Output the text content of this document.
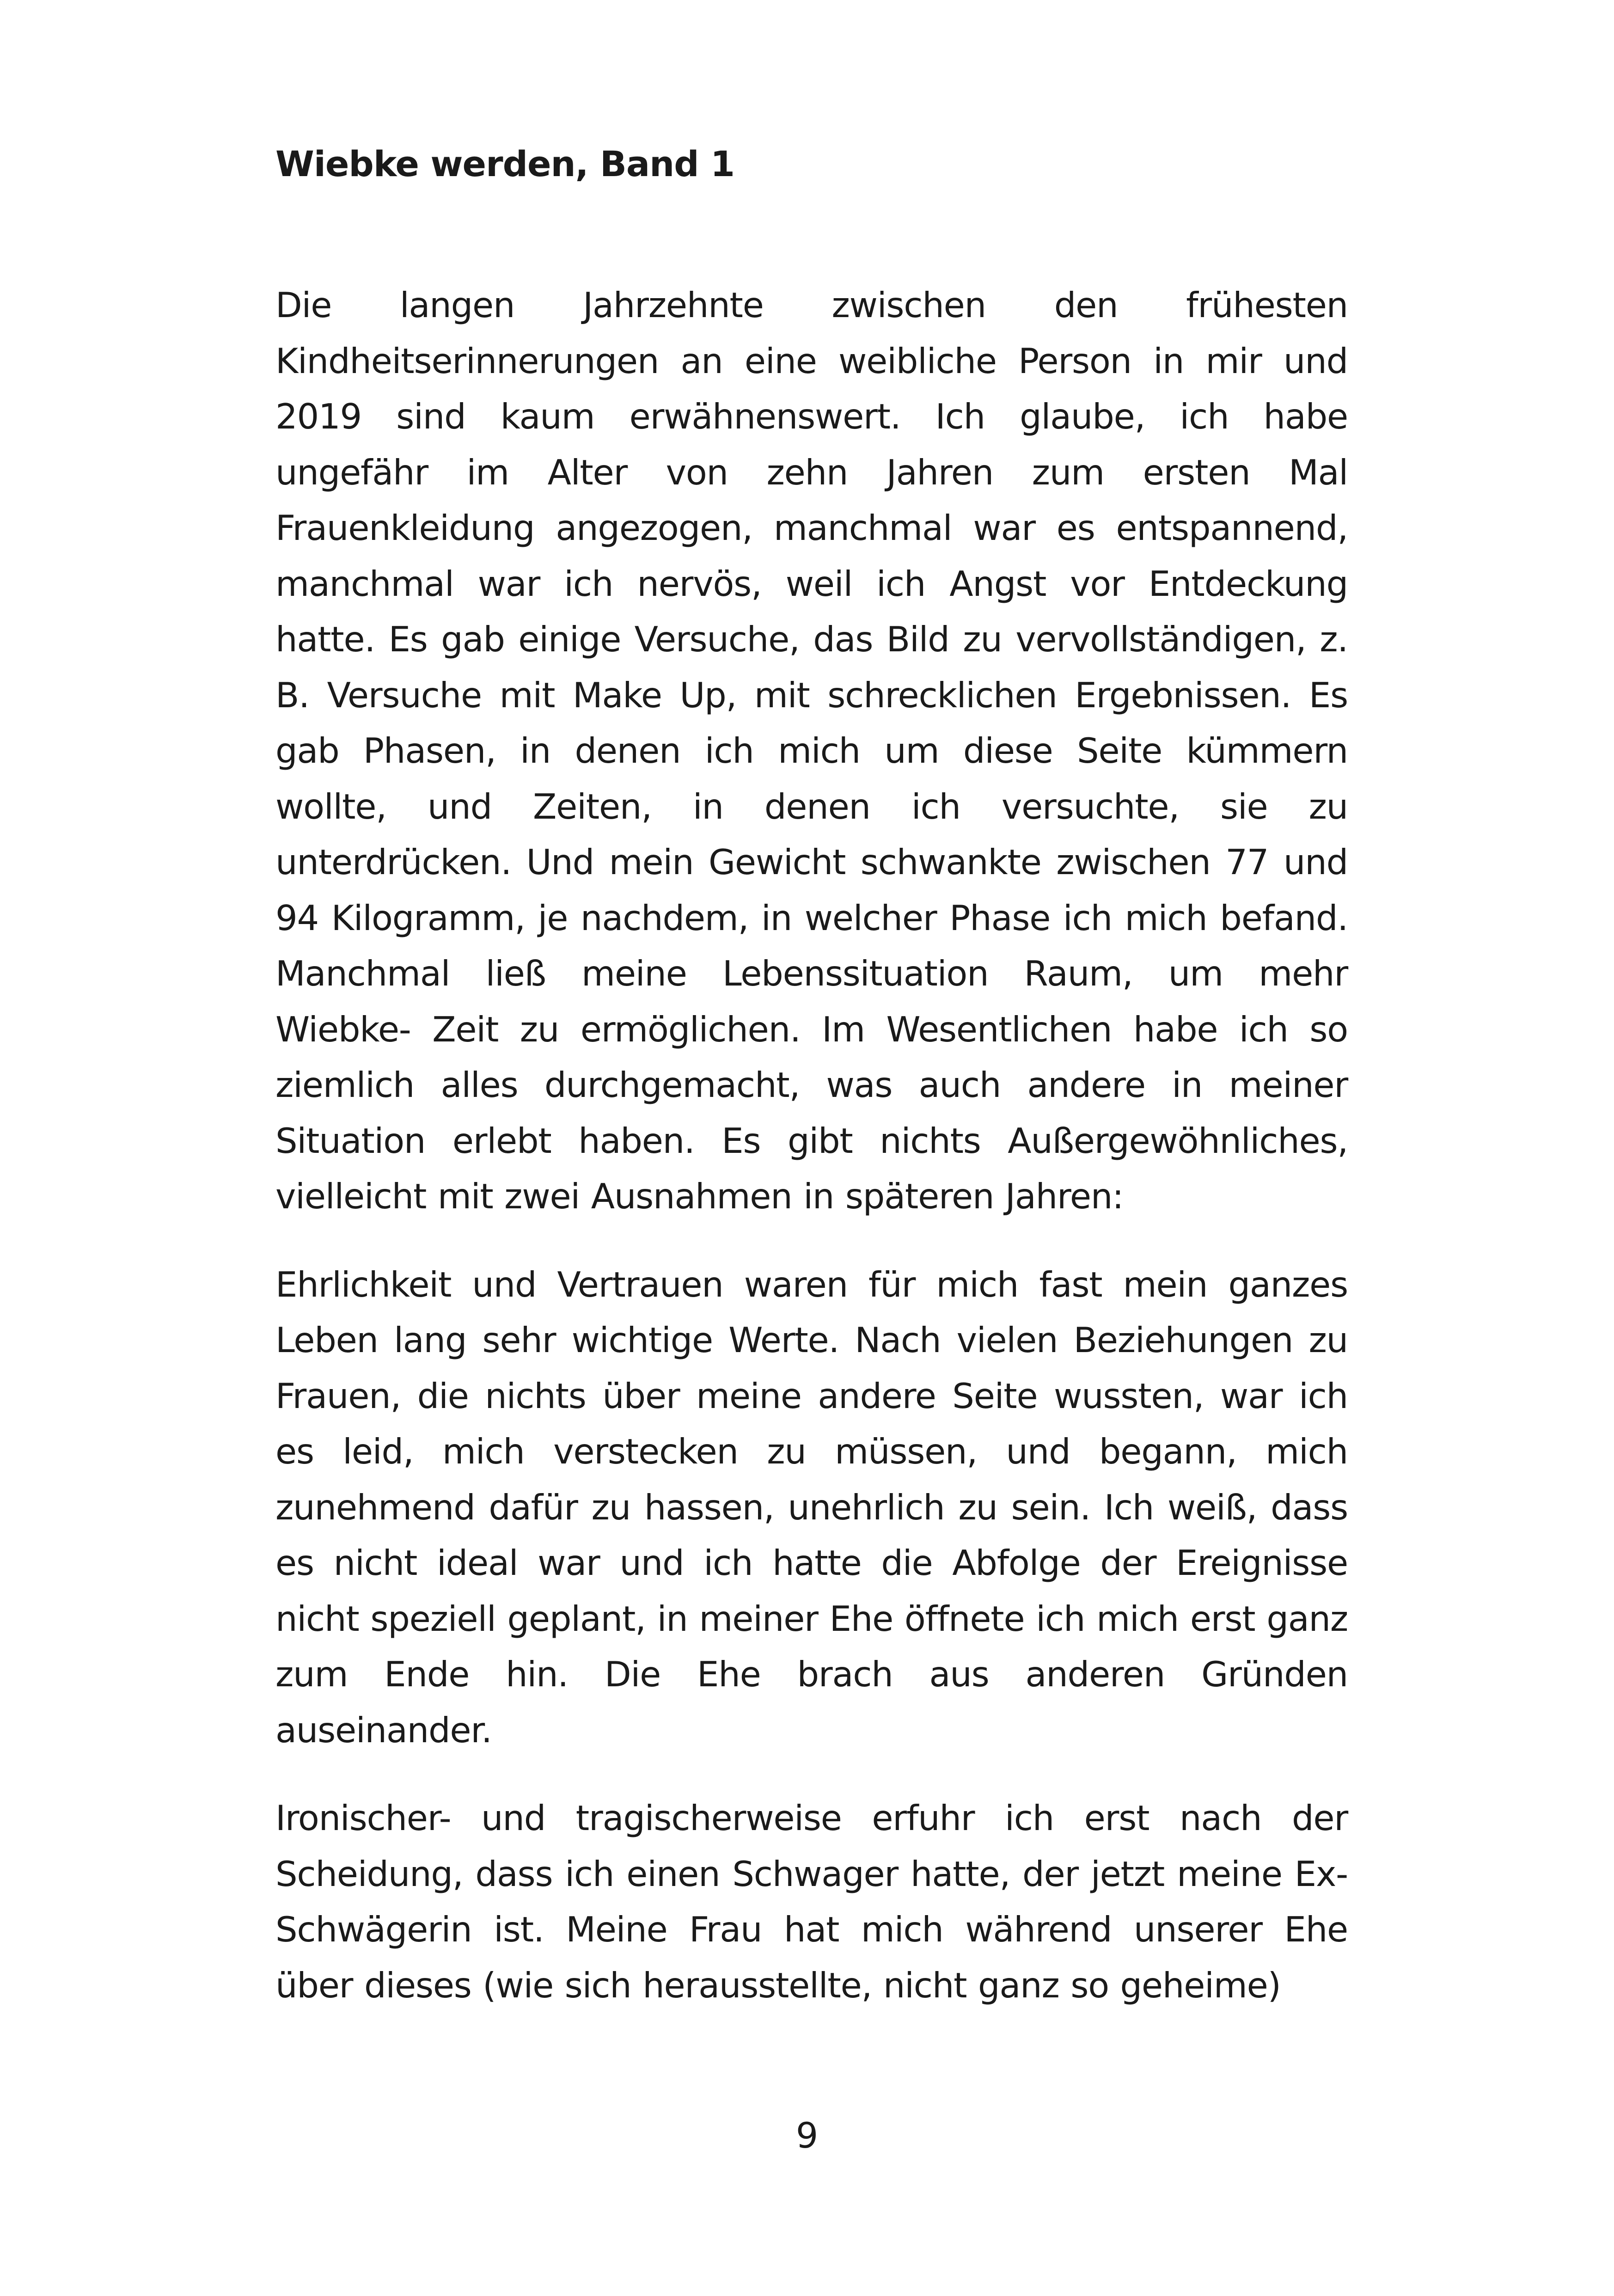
Wiebke werden, Band 1

Die langen Jahrzehnte zwischen den frühesten Kindheitserinnerungen an eine weibliche Person in mir und 2019 sind kaum erwähnenswert. Ich glaube, ich habe ungefähr im Alter von zehn Jahren zum ersten Mal Frauenkleidung angezogen, manchmal war es entspannend, manchmal war ich nervös, weil ich Angst vor Entdeckung hatte. Es gab einige Versuche, das Bild zu vervollständigen, z. B. Versuche mit Make Up, mit schrecklichen Ergebnissen. Es gab Phasen, in denen ich mich um diese Seite kümmern wollte, und Zeiten, in denen ich versuchte, sie zu unterdrücken. Und mein Gewicht schwankte zwischen 77 und 94 Kilogramm, je nachdem, in welcher Phase ich mich befand. Manchmal ließ meine Lebenssituation Raum, um mehr Wiebke- Zeit zu ermöglichen. Im Wesentlichen habe ich so ziemlich alles durchgemacht, was auch andere in meiner Situation erlebt haben. Es gibt nichts Außergewöhnliches, vielleicht mit zwei Ausnahmen in späteren Jahren:

Ehrlichkeit und Vertrauen waren für mich fast mein ganzes Leben lang sehr wichtige Werte. Nach vielen Beziehungen zu Frauen, die nichts über meine andere Seite wussten, war ich es leid, mich verstecken zu müssen, und begann, mich zunehmend dafür zu hassen, unehrlich zu sein. Ich weiß, dass es nicht ideal war und ich hatte die Abfolge der Ereignisse nicht speziell geplant, in meiner Ehe öffnete ich mich erst ganz zum Ende hin. Die Ehe brach aus anderen Gründen auseinander.

Ironischer- und tragischerweise erfuhr ich erst nach der Scheidung, dass ich einen Schwager hatte, der jetzt meine Ex-Schwägerin ist. Meine Frau hat mich während unserer Ehe über dieses (wie sich herausstellte, nicht ganz so geheime)

9
